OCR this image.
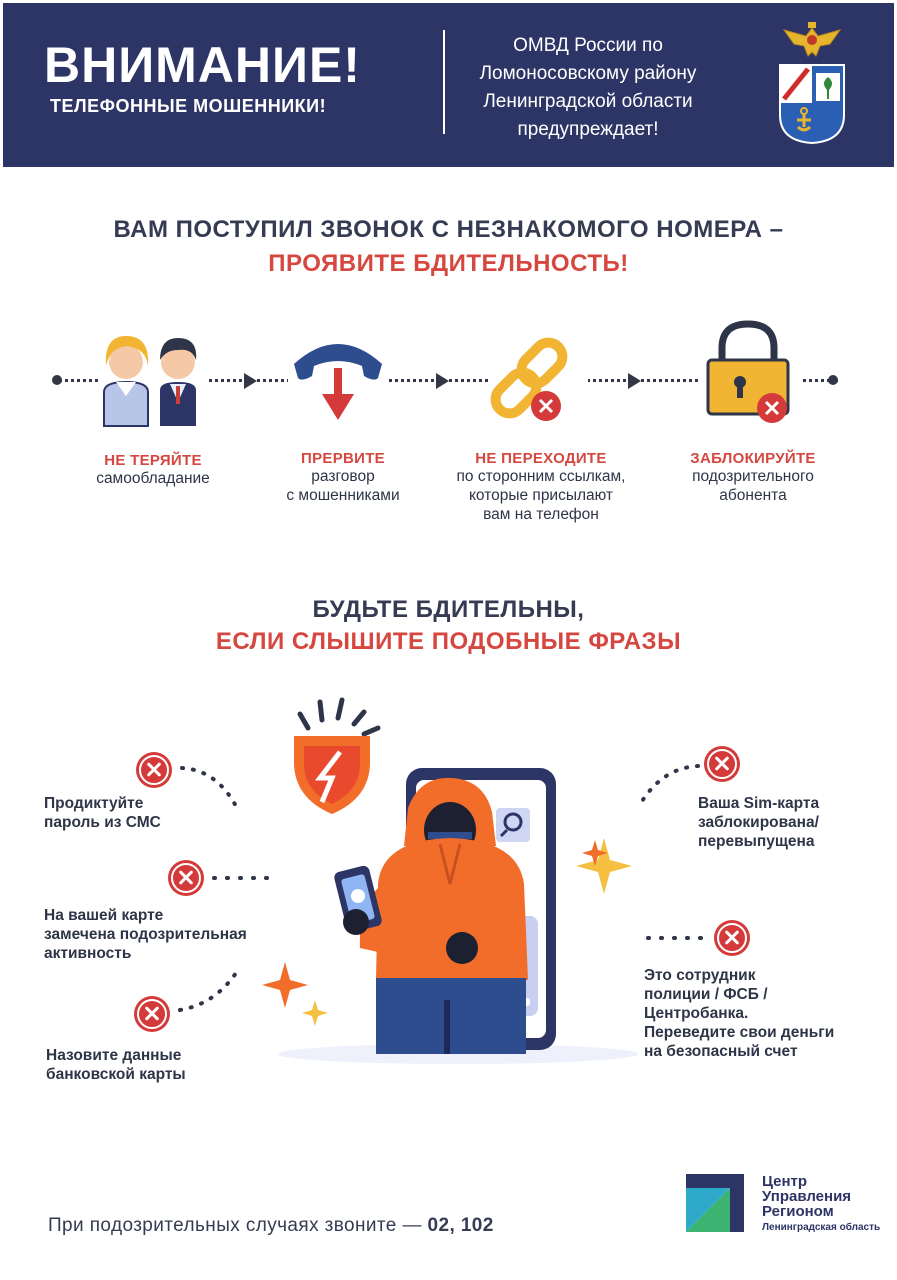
ВНИМАНИЕ!
ТЕЛЕФОННЫЕ МОШЕННИКИ!
ОМВД России по
Ломоносовскому району
Ленинградской области
предупреждает!
ВАМ ПОСТУПИЛ ЗВОНОК С НЕЗНАКОМОГО НОМЕРА –
ПРОЯВИТЕ БДИТЕЛЬНОСТЬ!
НЕ ТЕРЯЙТЕ
самообладание
ПРЕРВИТЕ
разговор
с мошенниками
НЕ ПЕРЕХОДИТЕ
по сторонним ссылкам,
которые присылают
вам на телефон
ЗАБЛОКИРУЙТЕ
подозрительного
абонента
БУДЬТЕ БДИТЕЛЬНЫ,
ЕСЛИ СЛЫШИТЕ ПОДОБНЫЕ ФРАЗЫ
Продиктуйте
пароль из СМС
На вашей карте
замечена подозрительная
активность
Назовите данные
банковской карты
Ваша Sim-карта
заблокирована/
перевыпущена
Это сотрудник
полиции / ФСБ /
Центробанка.
Переведите свои деньги
на безопасный счет
При подозрительных случаях звоните — 02, 102
Центр
Управления
Регионом
Ленинградская область
